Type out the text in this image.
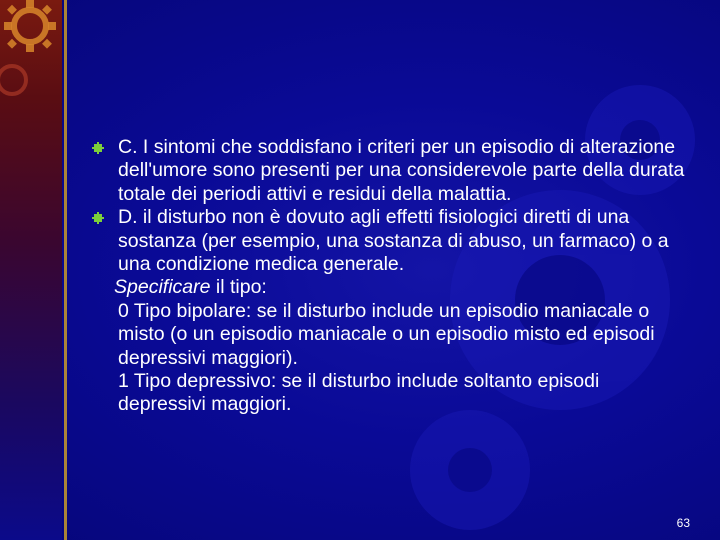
C. I sintomi che soddisfano i criteri per un episodio di alterazione dell'umore sono presenti per una considerevole parte della durata totale dei periodi attivi e residui della malattia.
D. il disturbo non è dovuto agli effetti fisiologici diretti di una sostanza (per esempio, una sostanza di abuso, un farmaco) o a una condizione medica generale.
Specificare il tipo:
0 Tipo bipolare: se il disturbo include un episodio maniacale o misto (o un episodio maniacale o un episodio misto ed episodi depressivi maggiori).
1 Tipo depressivo: se il disturbo include soltanto episodi depressivi maggiori.
63
